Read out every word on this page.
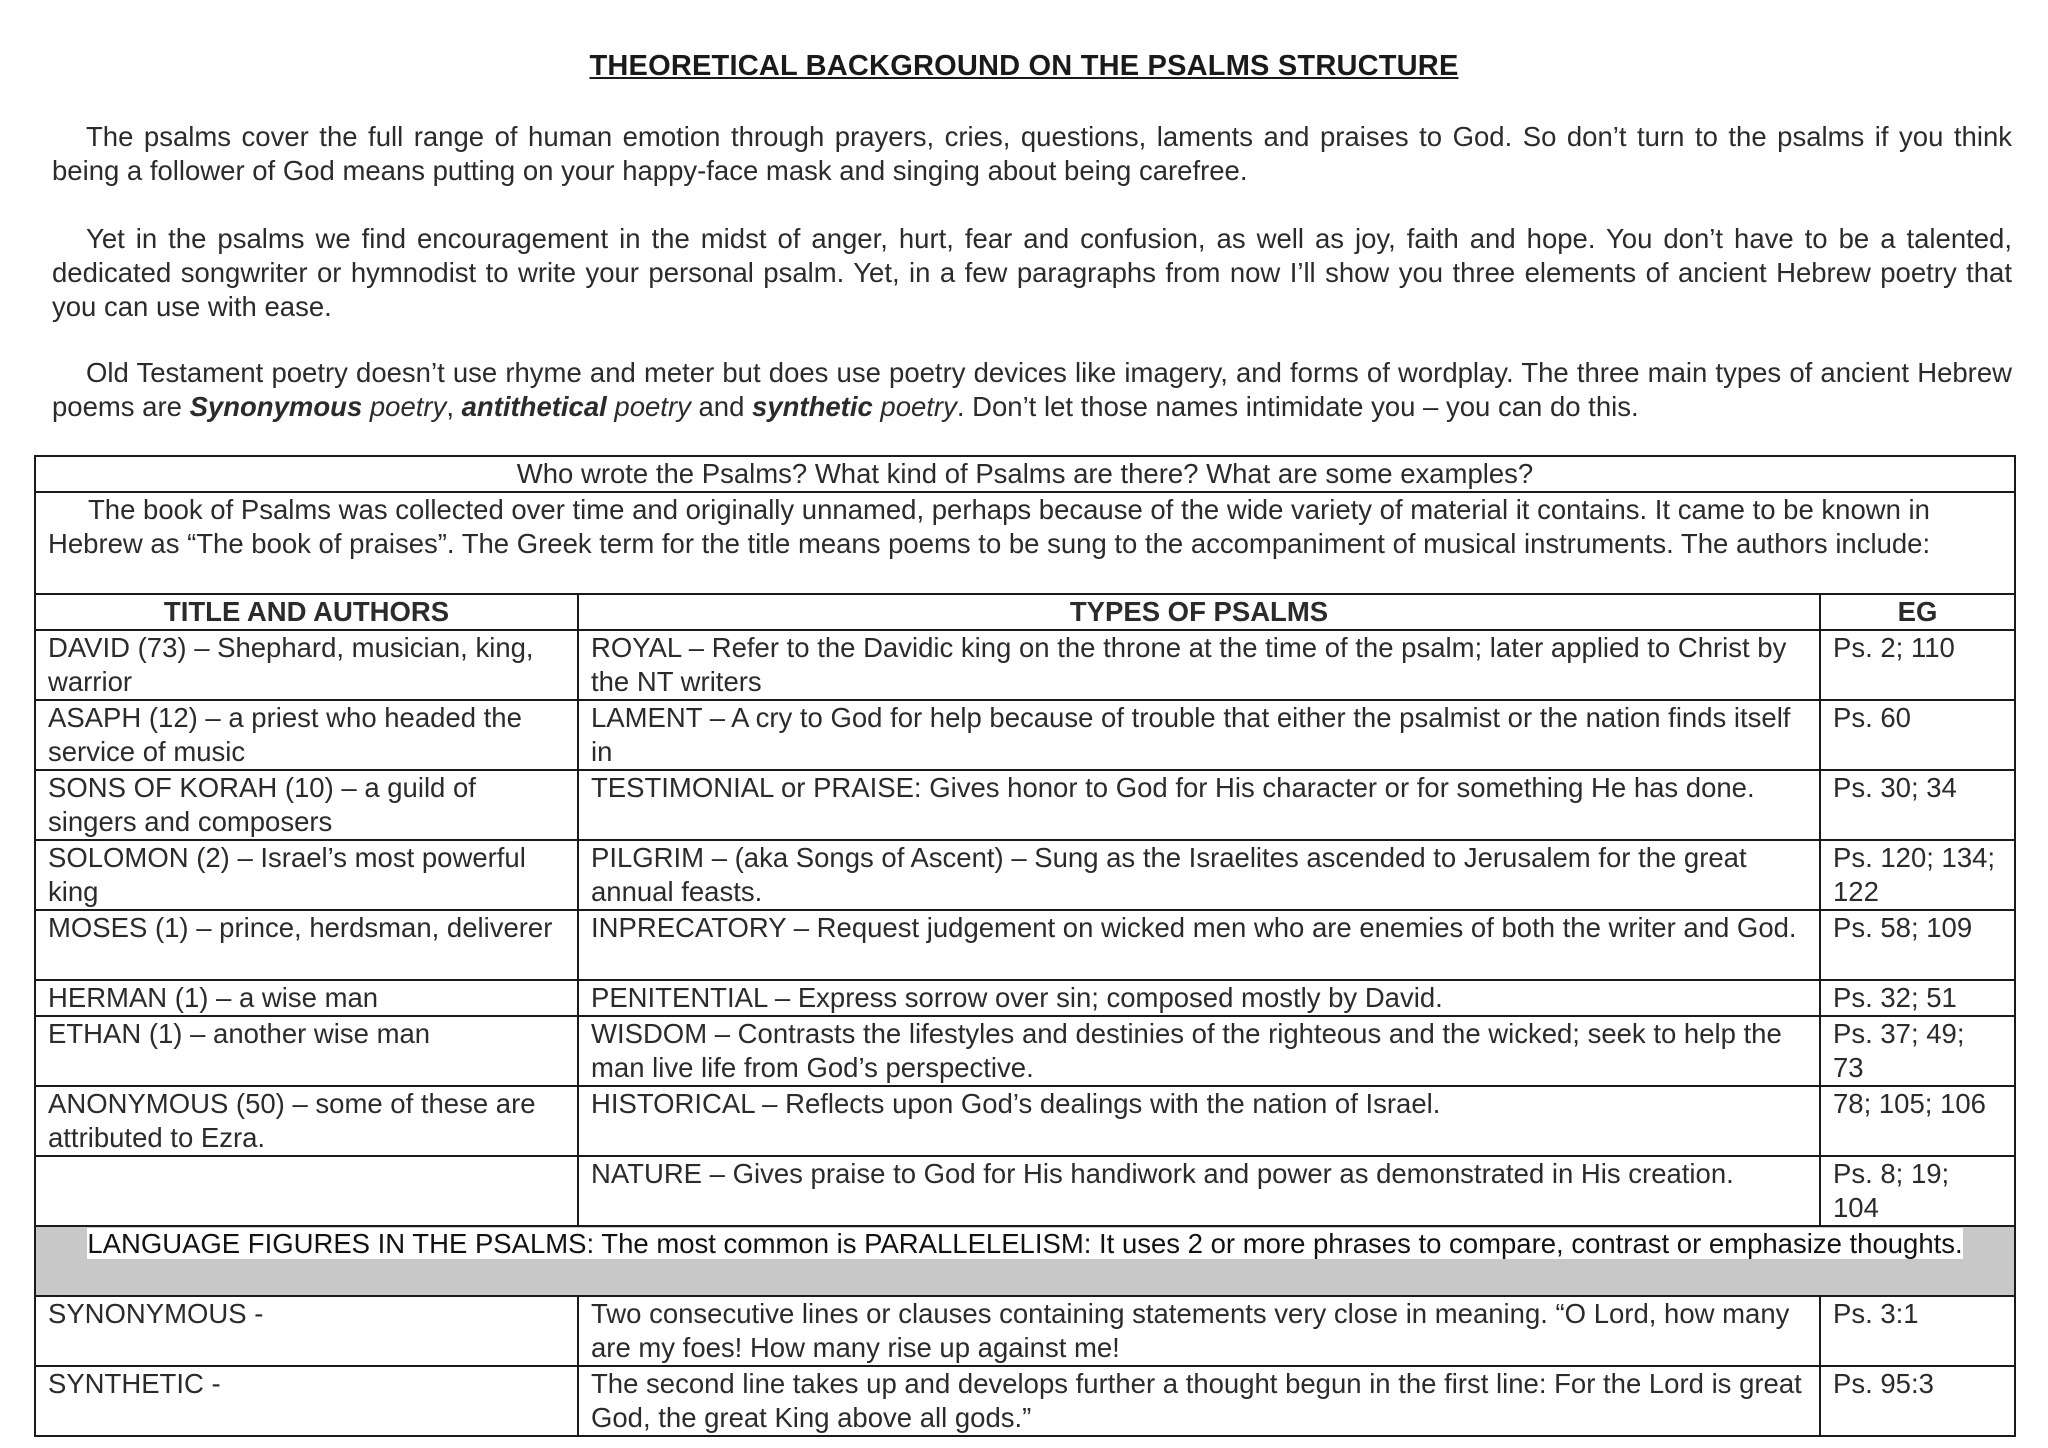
THEORETICAL BACKGROUND ON THE PSALMS STRUCTURE
The psalms cover the full range of human emotion through prayers, cries, questions, laments and praises to God. So don’t turn to the psalms if you think being a follower of God means putting on your happy-face mask and singing about being carefree.
Yet in the psalms we find encouragement in the midst of anger, hurt, fear and confusion, as well as joy, faith and hope. You don’t have to be a talented, dedicated songwriter or hymnodist to write your personal psalm. Yet, in a few paragraphs from now I’ll show you three elements of ancient Hebrew poetry that you can use with ease.
Old Testament poetry doesn’t use rhyme and meter but does use poetry devices like imagery, and forms of wordplay. The three main types of ancient Hebrew poems are Synonymous poetry, antithetical poetry and synthetic poetry. Don’t let those names intimidate you – you can do this.
Who wrote the Psalms? What kind of Psalms are there? What are some examples?		
The book of Psalms was collected over time and originally unnamed, perhaps because of the wide variety of material it contains. It came to be known in Hebrew as “The book of praises”. The Greek term for the title means poems to be sung to the accompaniment of musical instruments. The authors include:		
TITLE AND AUTHORS	TYPES OF PSALMS	EG
DAVID (73) – Shephard, musician, king, warrior	ROYAL – Refer to the Davidic king on the throne at the time of the psalm; later applied to Christ by the NT writers	Ps. 2; 110
ASAPH (12) – a priest who headed the service of music	LAMENT – A cry to God for help because of trouble that either the psalmist or the nation finds itself in	Ps. 60
SONS OF KORAH (10) – a guild of singers and composers	TESTIMONIAL or PRAISE: Gives honor to God for His character or for something He has done.	Ps. 30; 34
SOLOMON (2) – Israel’s most powerful king	PILGRIM – (aka Songs of Ascent) – Sung as the Israelites ascended to Jerusalem for the great annual feasts.	Ps. 120; 134; 122
MOSES (1) – prince, herdsman, deliverer	INPRECATORY – Request judgement on wicked men who are enemies of both the writer and God.	Ps. 58; 109
HERMAN (1) – a wise man	PENITENTIAL – Express sorrow over sin; composed mostly by David.	Ps. 32; 51
ETHAN (1) – another wise man	WISDOM – Contrasts the lifestyles and destinies of the righteous and the wicked; seek to help the man live life from God’s perspective.	Ps. 37; 49; 73
ANONYMOUS (50) – some of these are attributed to Ezra.	HISTORICAL – Reflects upon God’s dealings with the nation of Israel.	78; 105; 106
	NATURE – Gives praise to God for His handiwork and power as demonstrated in His creation.	Ps. 8; 19; 104
LANGUAGE FIGURES IN THE PSALMS: The most common is PARALLELELISM: It uses 2 or more phrases to compare, contrast or emphasize thoughts.		
SYNONYMOUS -	Two consecutive lines or clauses containing statements very close in meaning. “O Lord, how many are my foes! How many rise up against me!	Ps. 3:1
SYNTHETIC -	The second line takes up and develops further a thought begun in the first line: For the Lord is great God, the great King above all gods.”	Ps. 95:3
